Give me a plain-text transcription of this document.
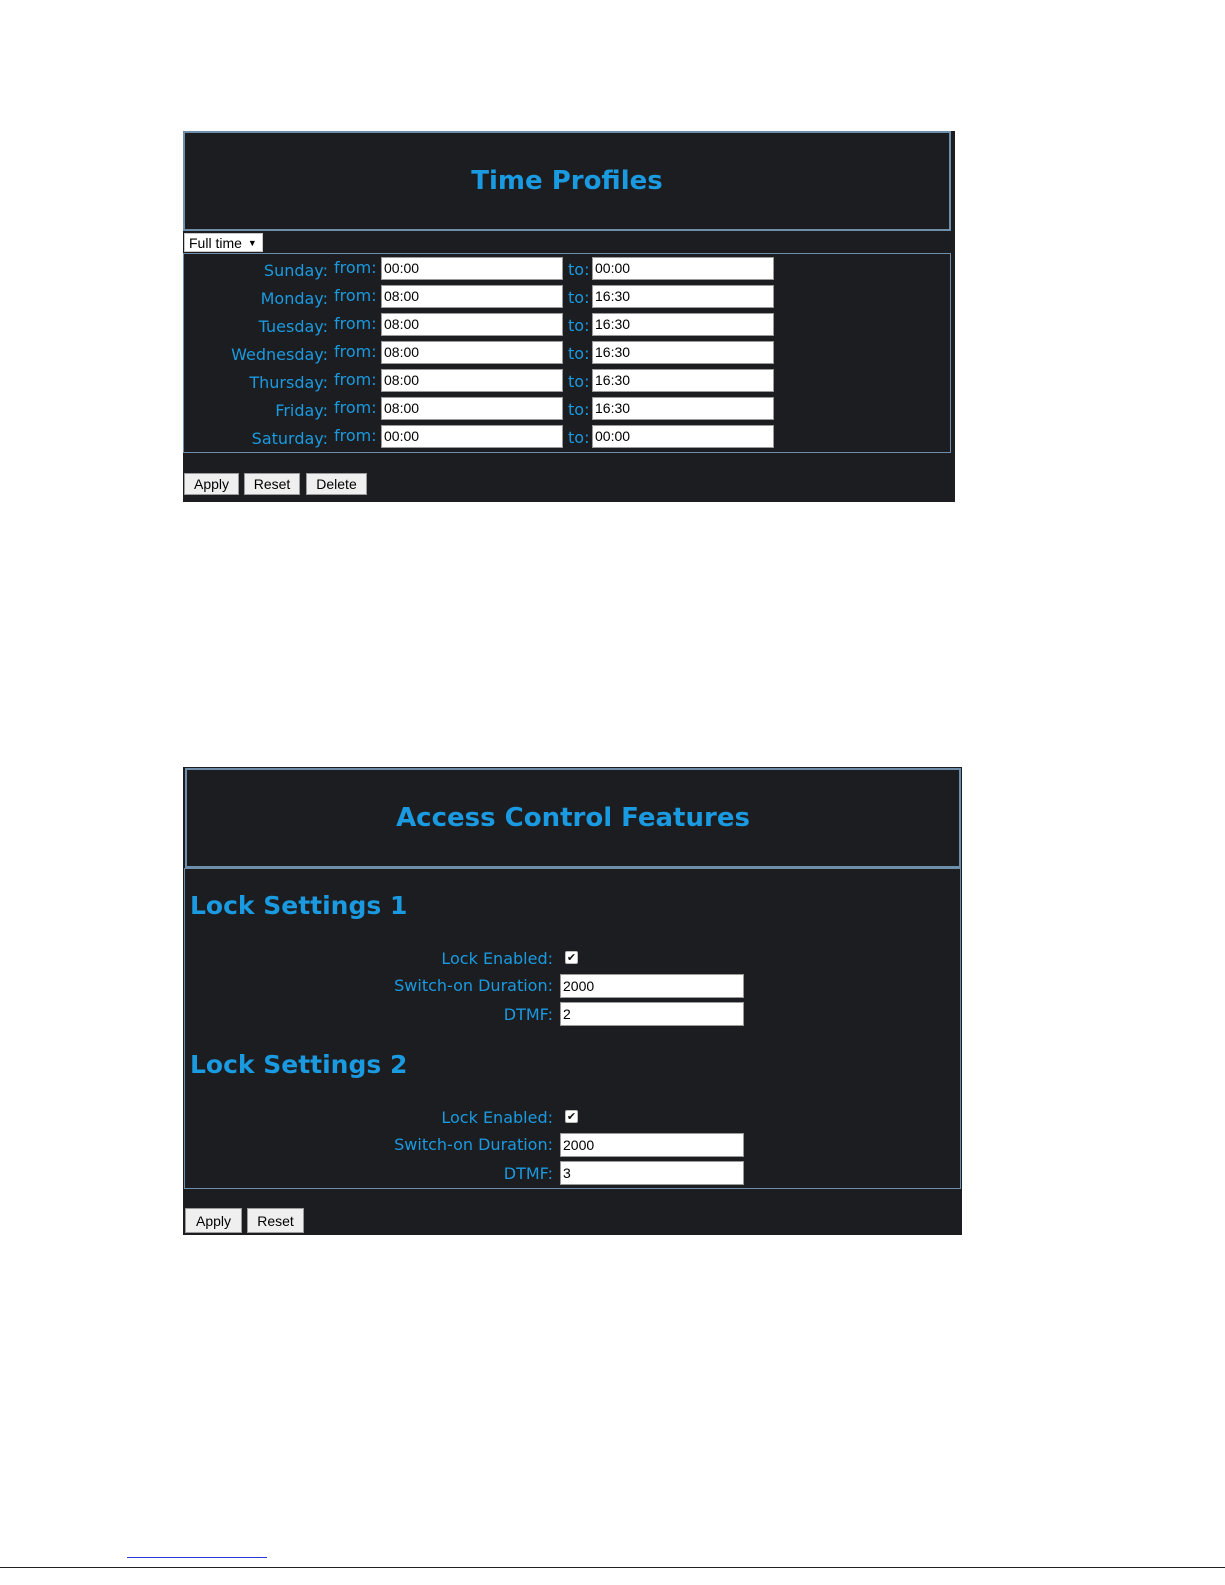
Time Profiles
Full time ▼
Sunday: from: 00:00	to: 00:00
Monday: from: 08:00	to: 16:30
Tuesday: from: 08:00	to: 16:30
Wednesday: from: 08:00	to: 16:30
Thursday: from: 08:00	to: 16:30
Friday: from: 08:00	to: 16:30
Saturday: from: 00:00	to: 00:00
Apply	Reset	Delete
Access Control Features
Lock Settings 1
Lock Enabled: ✔
Switch-on Duration: 2000
DTMF: 2
Lock Settings 2
Lock Enabled: ✔
Switch-on Duration: 2000
DTMF: 3
Apply	Reset
